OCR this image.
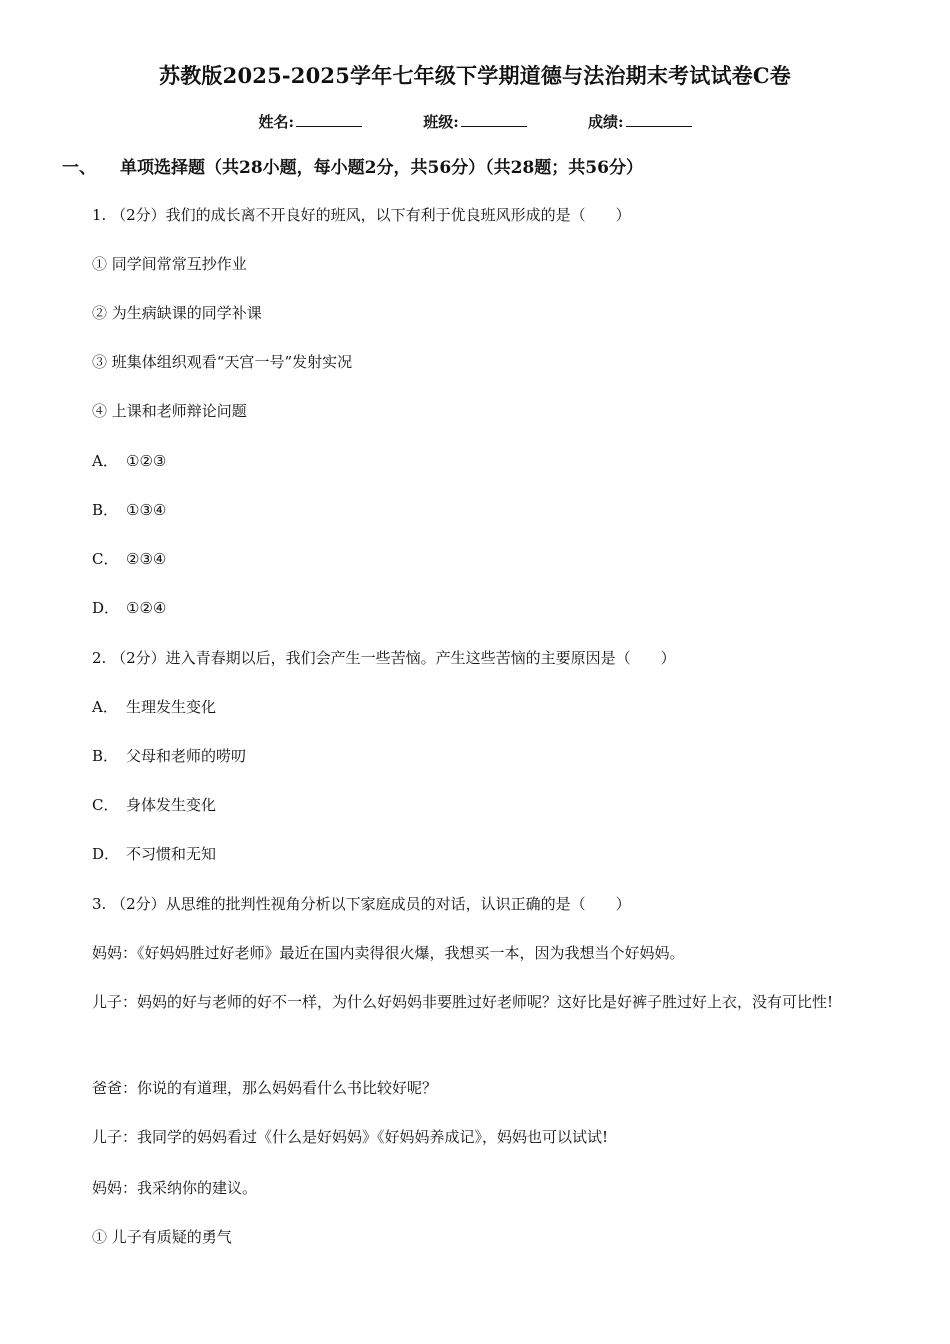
苏教版2025-2025学年七年级下学期道德与法治期末考试试卷C卷
姓名:	班级:	成绩:
一、 单项选择题（共28小题，每小题2分，共56分）（共28题；共56分）
1. （2分）我们的成长离不开良好的班风，以下有利于优良班风形成的是（　　）
① 同学间常常互抄作业
② 为生病缺课的同学补课
③ 班集体组织观看“天宫一号”发射实况
④ 上课和老师辩论问题
A． ①②③
B． ①③④
C． ②③④
D． ①②④
2. （2分）进入青春期以后，我们会产生一些苦恼。产生这些苦恼的主要原因是（　　）
A． 生理发生变化
B． 父母和老师的唠叨
C． 身体发生变化
D． 不习惯和无知
3. （2分）从思维的批判性视角分析以下家庭成员的对话，认识正确的是（　　）
妈妈：《好妈妈胜过好老师》最近在国内卖得很火爆，我想买一本，因为我想当个好妈妈。
儿子：妈妈的好与老师的好不一样，为什么好妈妈非要胜过好老师呢？这好比是好裤子胜过好上衣，没有可比性!
爸爸：你说的有道理，那么妈妈看什么书比较好呢？
儿子：我同学的妈妈看过《什么是好妈妈》《好妈妈养成记》，妈妈也可以试试!
妈妈：我采纳你的建议。
① 儿子有质疑的勇气
